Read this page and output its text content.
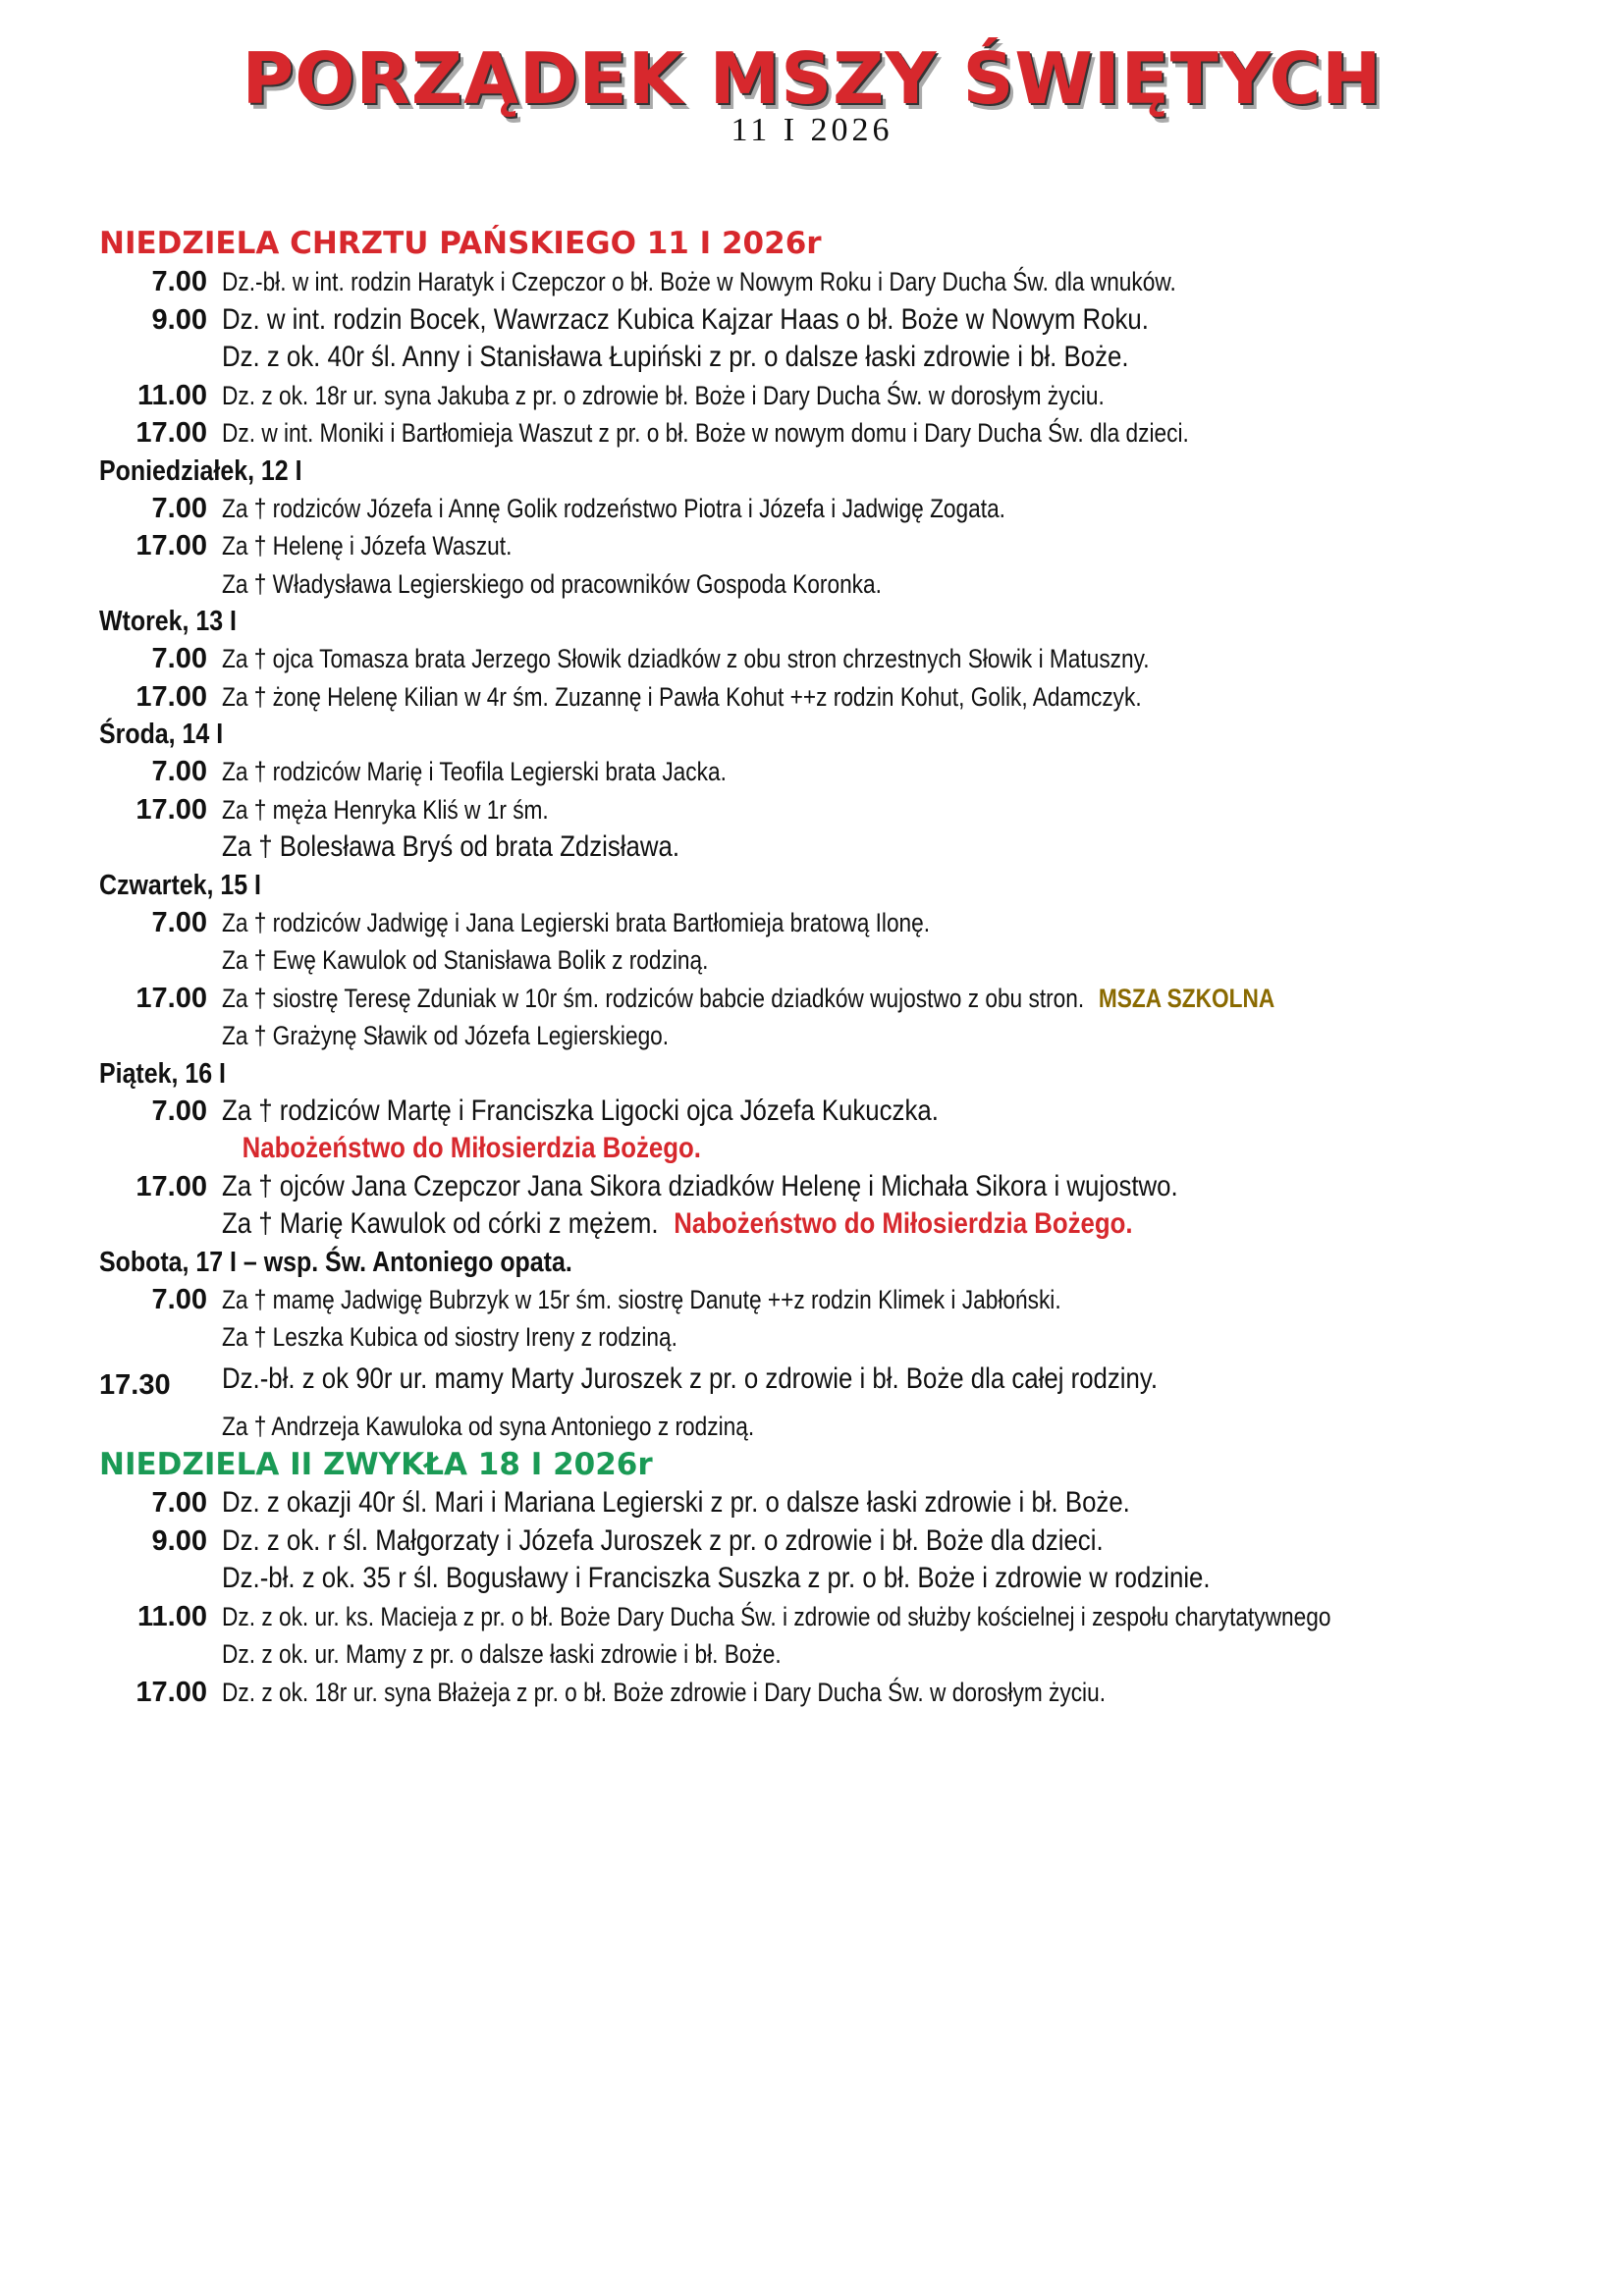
PORZĄDEK MSZY ŚWIĘTYCH
11 I 2026
NIEDZIELA CHRZTU PAŃSKIEGO 11 I 2026r
7.00 Dz.-bł. w int. rodzin Haratyk i Czepczor o bł. Boże w Nowym Roku i Dary Ducha Św. dla wnuków.
9.00 Dz. w int. rodzin Bocek, Wawrzacz Kubica Kajzar Haas o bł. Boże w Nowym Roku.
Dz. z ok. 40r śl. Anny i Stanisława Łupiński z pr. o dalsze łaski zdrowie i bł. Boże.
11.00 Dz. z ok. 18r ur. syna Jakuba z pr. o zdrowie bł. Boże i Dary Ducha Św. w dorosłym życiu.
17.00 Dz. w int. Moniki i Bartłomieja Waszut z pr. o bł. Boże w nowym domu i Dary Ducha Św. dla dzieci.
Poniedziałek, 12 I
7.00 Za † rodziców Józefa i Annę Golik rodzeństwo Piotra i Józefa i Jadwigę Zogata.
17.00 Za † Helenę i Józefa Waszut.
Za † Władysława Legierskiego od pracowników Gospoda Koronka.
Wtorek, 13 I
7.00 Za † ojca Tomasza brata Jerzego Słowik dziadków z obu stron chrzestnych Słowik i Matuszny.
17.00 Za † żonę Helenę Kilian w 4r śm. Zuzannę i Pawła Kohut ++z rodzin Kohut, Golik, Adamczyk.
Środa, 14 I
7.00 Za † rodziców Marię i Teofila Legierski brata Jacka.
17.00 Za † męża Henryka Kliś w 1r śm.
Za † Bolesława Bryś od brata Zdzisława.
Czwartek, 15 I
7.00 Za † rodziców Jadwigę i Jana Legierski brata Bartłomieja bratową Ilonę.
Za † Ewę Kawulok od Stanisława Bolik z rodziną.
17.00 Za † siostrę Teresę Zduniak w 10r śm. rodziców babcie dziadków wujostwo z obu stron. MSZA SZKOLNA
Za † Grażynę Sławik od Józefa Legierskiego.
Piątek, 16 I
7.00 Za † rodziców Martę i Franciszka Ligocki ojca Józefa Kukuczka.
Nabożeństwo do Miłosierdzia Bożego.
17.00 Za † ojców Jana Czepczor Jana Sikora dziadków Helenę i Michała Sikora i wujostwo.
Za † Marię Kawulok od córki z mężem. Nabożeństwo do Miłosierdzia Bożego.
Sobota, 17 I – wsp. Św. Antoniego opata.
7.00 Za † mamę Jadwigę Bubrzyk w 15r śm. siostrę Danutę ++z rodzin Klimek i Jabłoński.
Za † Leszka Kubica od siostry Ireny z rodziną.
17.30 Dz.-bł. z ok 90r ur. mamy Marty Juroszek z pr. o zdrowie i bł. Boże dla całej rodziny.
Za † Andrzeja Kawuloka od syna Antoniego z rodziną.
NIEDZIELA II ZWYKŁA 18 I 2026r
7.00 Dz. z okazji 40r śl. Mari i Mariana Legierski z pr. o dalsze łaski zdrowie i bł. Boże.
9.00 Dz. z ok. r śl. Małgorzaty i Józefa Juroszek z pr. o zdrowie i bł. Boże dla dzieci.
Dz.-bł. z ok. 35 r śl. Bogusławy i Franciszka Suszka z pr. o bł. Boże i zdrowie w rodzinie.
11.00 Dz. z ok. ur. ks. Macieja z pr. o bł. Boże Dary Ducha Św. i zdrowie od służby kościelnej i zespołu charytatywnego
Dz. z ok. ur. Mamy z pr. o dalsze łaski zdrowie i bł. Boże.
17.00 Dz. z ok. 18r ur. syna Błażeja z pr. o bł. Boże zdrowie i Dary Ducha Św. w dorosłym życiu.
